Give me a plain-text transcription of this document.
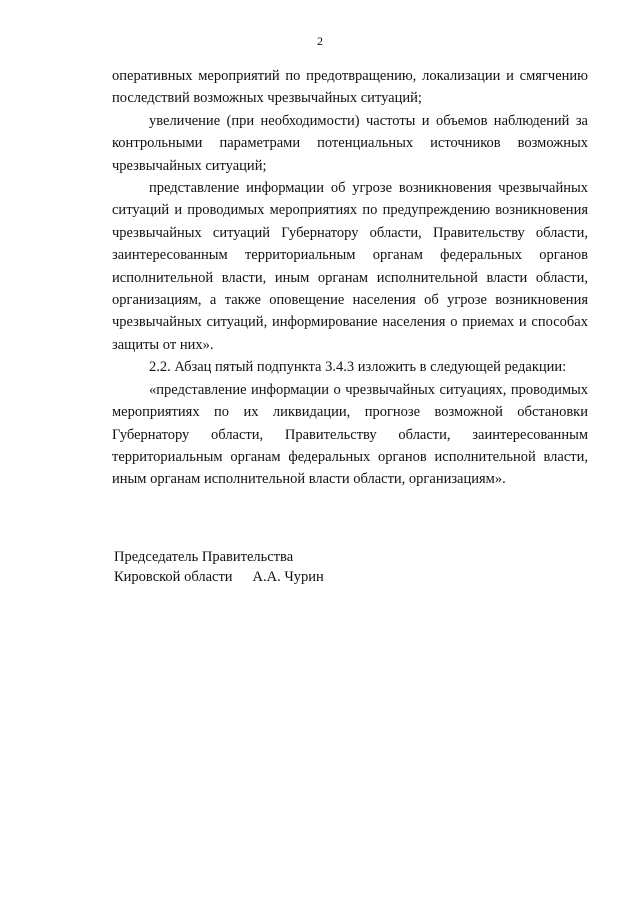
2

оперативных мероприятий по предотвращению, локализации и смягчению последствий возможных чрезвычайных ситуаций;

увеличение (при необходимости) частоты и объемов наблюдений за контрольными параметрами потенциальных источников возможных чрезвычайных ситуаций;

представление информации об угрозе возникновения чрезвычайных ситуаций и проводимых мероприятиях по предупреждению возникновения чрезвычайных ситуаций Губернатору области, Правительству области, заинтересованным территориальным органам федеральных органов исполнительной власти, иным органам исполнительной власти области, организациям, а также оповещение населения об угрозе возникновения чрезвычайных ситуаций, информирование населения о приемах и способах защиты от них».

2.2. Абзац пятый подпункта 3.4.3 изложить в следующей редакции:

«представление информации о чрезвычайных ситуациях, проводимых мероприятиях по их ликвидации, прогнозе возможной обстановки Губернатору области, Правительству области, заинтересованным территориальным органам федеральных органов исполнительной власти, иным органам исполнительной власти области, организациям».

Председатель Правительства
Кировской области А.А. Чурин
